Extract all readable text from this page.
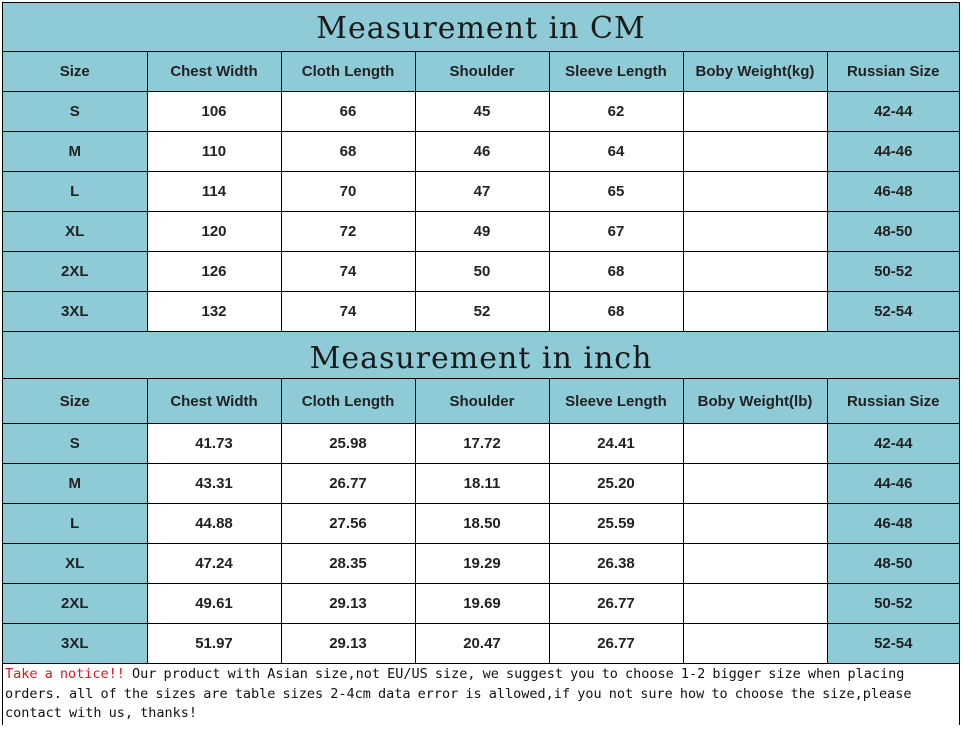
Measurement in CM
Size	Chest Width	Cloth Length	Shoulder	Sleeve Length	Boby Weight(kg)	Russian Size
S	106	66	45	62		42-44
M	110	68	46	64		44-46
L	114	70	47	65		46-48
XL	120	72	49	67		48-50
2XL	126	74	50	68		50-52
3XL	132	74	52	68		52-54
Measurement in inch
Size	Chest Width	Cloth Length	Shoulder	Sleeve Length	Boby Weight(lb)	Russian Size
S	41.73	25.98	17.72	24.41		42-44
M	43.31	26.77	18.11	25.20		44-46
L	44.88	27.56	18.50	25.59		46-48
XL	47.24	28.35	19.29	26.38		48-50
2XL	49.61	29.13	19.69	26.77		50-52
3XL	51.97	29.13	20.47	26.77		52-54
Take a notice!! Our product with Asian size,not EU/US size, we suggest you to choose 1-2 bigger size when placing orders. all of the sizes are table sizes 2-4cm data error is allowed,if you not sure how to choose the size,please contact with us, thanks!
